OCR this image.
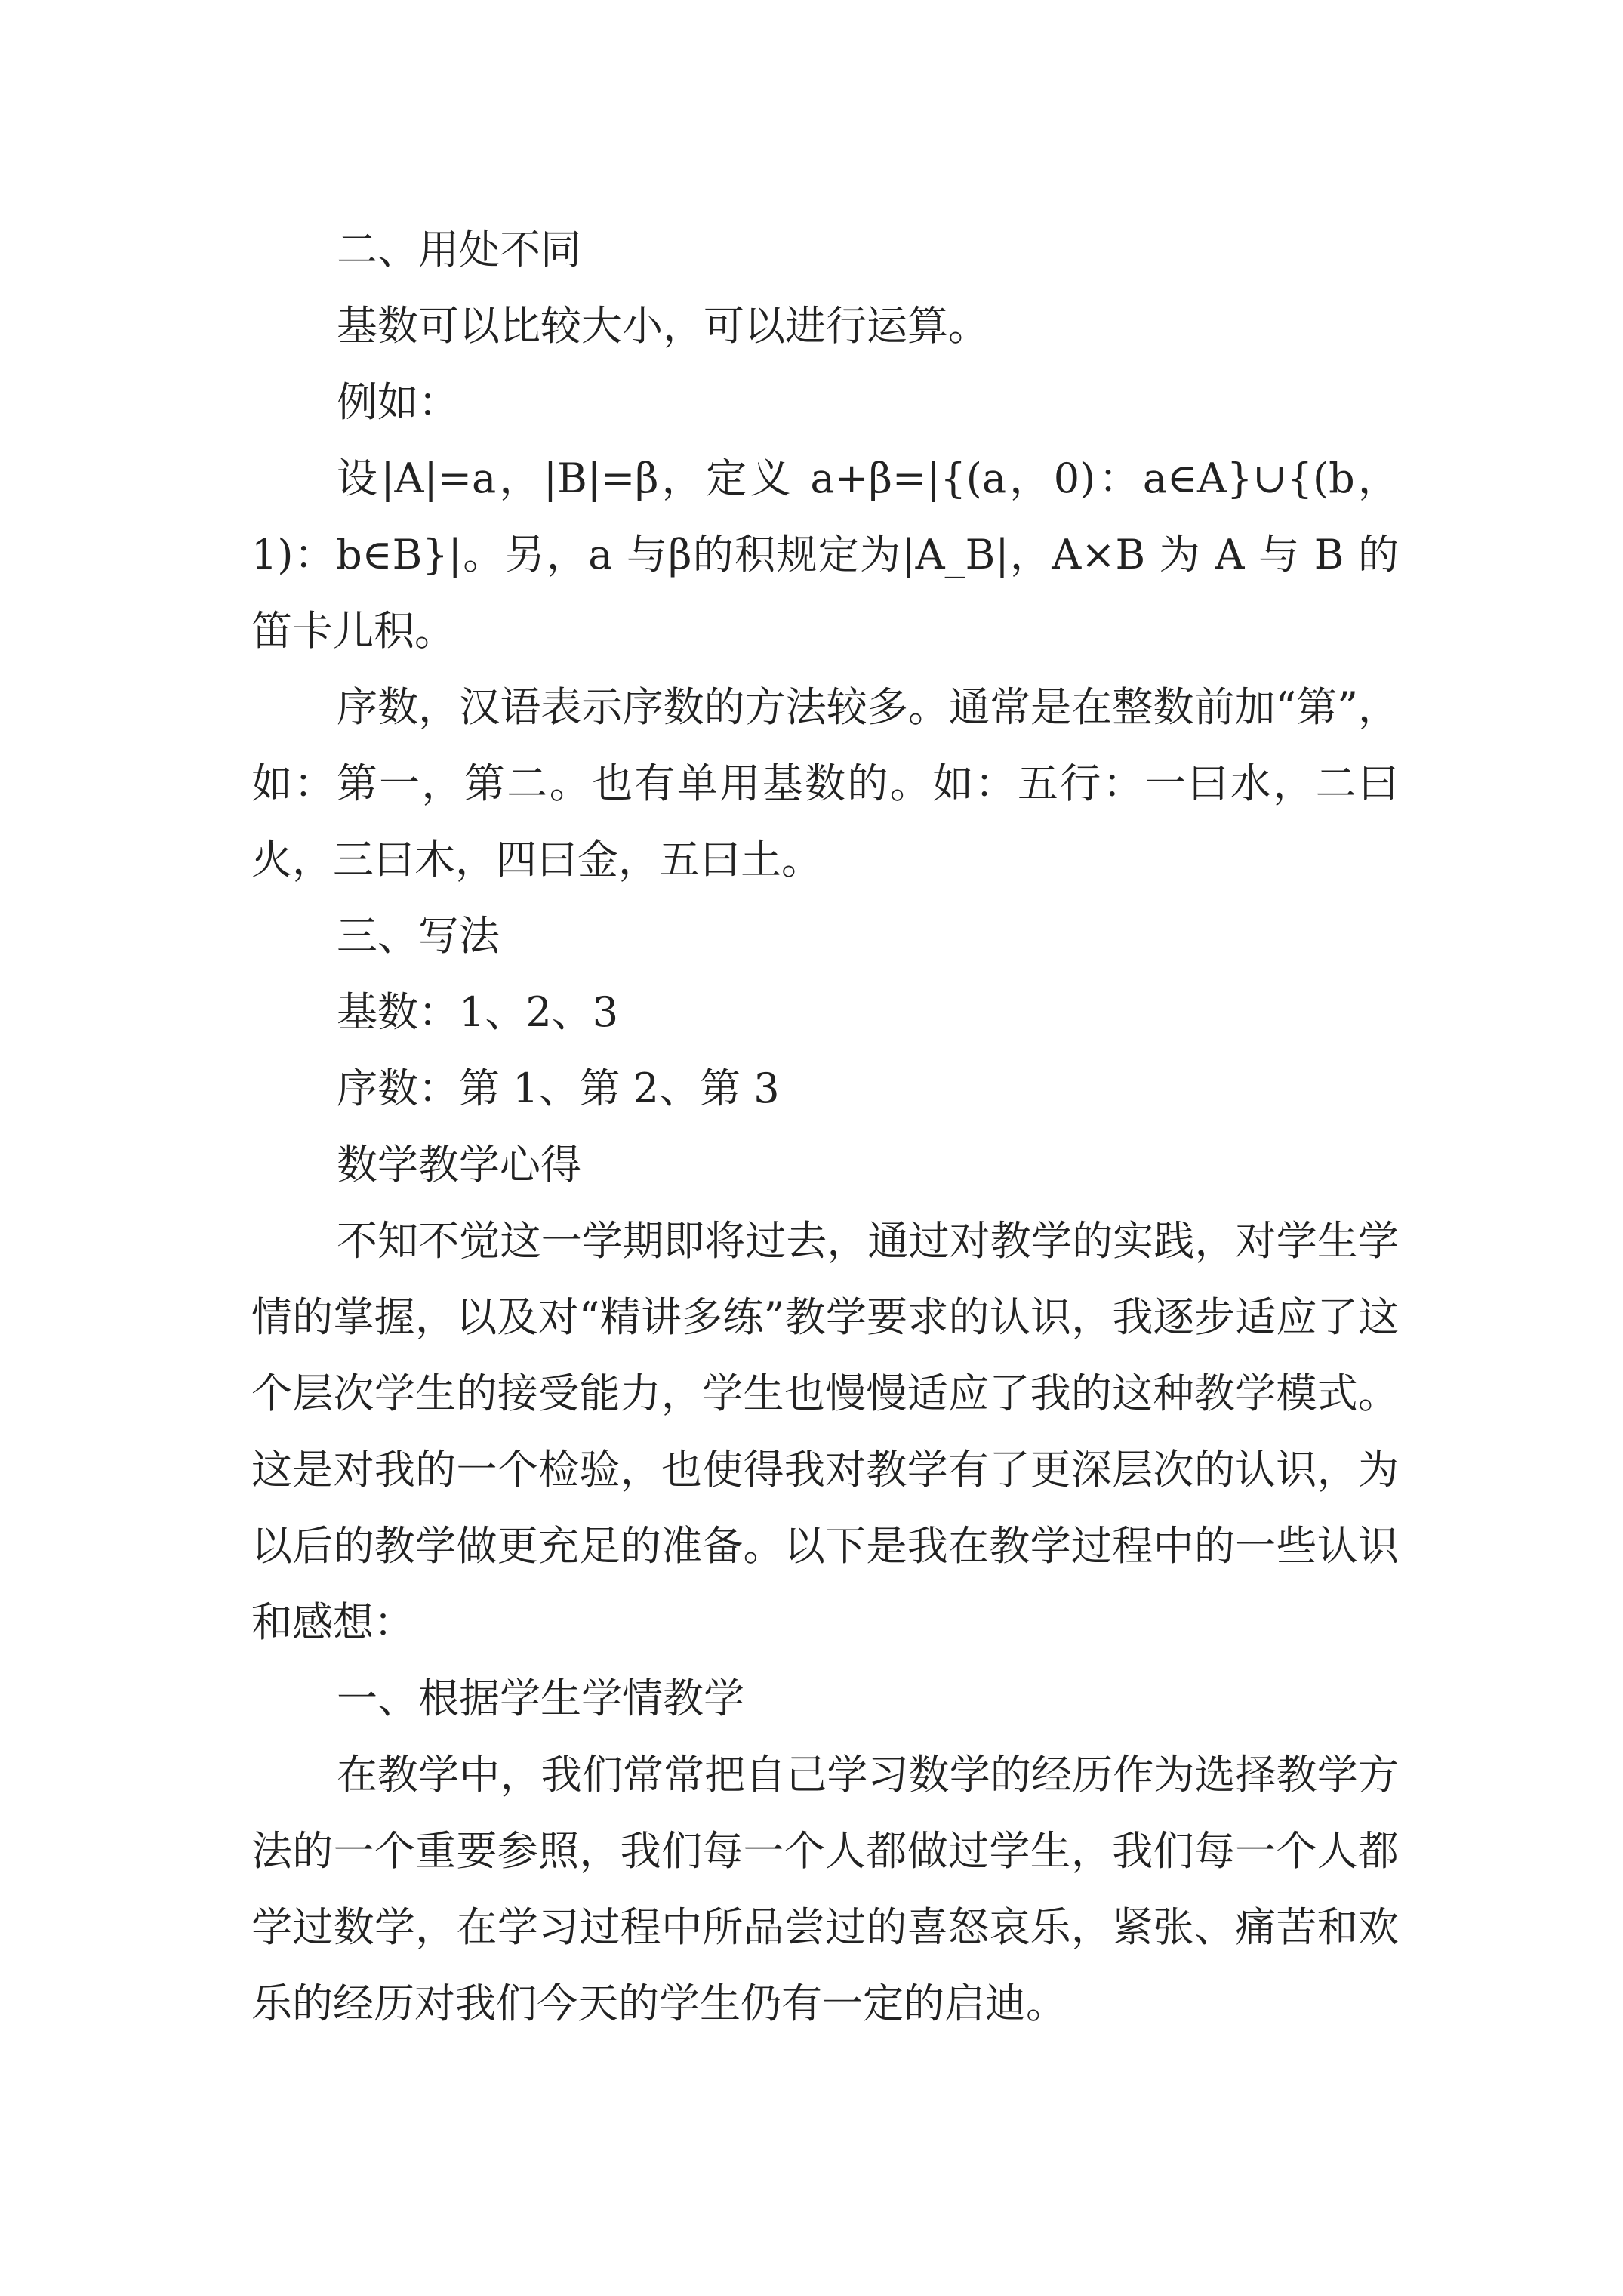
二、用处不同

基数可以比较大小，可以进行运算。

例如：

设|A|=a，|B|=β，定义 a+β=|{(a，0)：a∈A}∪{(b，1)：b∈B}|。另，a 与β的积规定为|A_B|，A×B 为 A 与 B 的笛卡儿积。

序数，汉语表示序数的方法较多。通常是在整数前加“第”，如：第一，第二。也有单用基数的。如：五行：一曰水，二曰火，三曰木，四曰金，五曰土。

三、写法

基数：1、2、3

序数：第 1、第 2、第 3

数学教学心得

不知不觉这一学期即将过去，通过对教学的实践，对学生学情的掌握，以及对“精讲多练”教学要求的认识，我逐步适应了这个层次学生的接受能力，学生也慢慢适应了我的这种教学模式。这是对我的一个检验，也使得我对教学有了更深层次的认识，为以后的教学做更充足的准备。以下是我在教学过程中的一些认识和感想：

一、根据学生学情教学

在教学中，我们常常把自己学习数学的经历作为选择教学方法的一个重要参照，我们每一个人都做过学生，我们每一个人都学过数学，在学习过程中所品尝过的喜怒哀乐，紧张、痛苦和欢乐的经历对我们今天的学生仍有一定的启迪。
